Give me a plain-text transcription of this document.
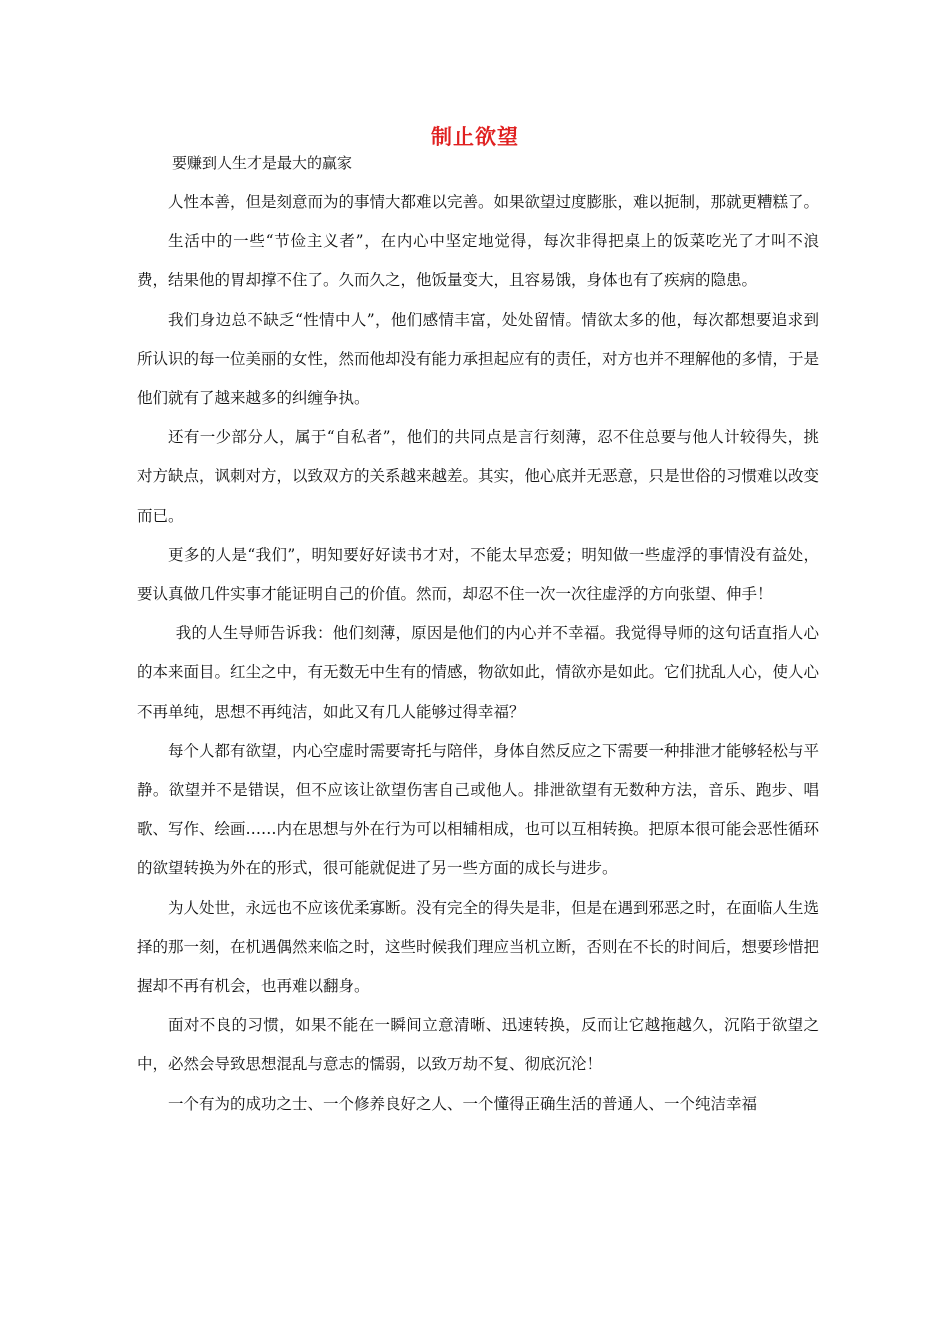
制止欲望
要赚到人生才是最大的赢家

人性本善，但是刻意而为的事情大都难以完善。如果欲望过度膨胀，难以扼制，那就更糟糕了。

生活中的一些“节俭主义者”，在内心中坚定地觉得，每次非得把桌上的饭菜吃光了才叫不浪费，结果他的胃却撑不住了。久而久之，他饭量变大，且容易饿，身体也有了疾病的隐患。

我们身边总不缺乏“性情中人”，他们感情丰富，处处留情。情欲太多的他，每次都想要追求到所认识的每一位美丽的女性，然而他却没有能力承担起应有的责任，对方也并不理解他的多情，于是他们就有了越来越多的纠缠争执。

还有一少部分人，属于“自私者”，他们的共同点是言行刻薄，忍不住总要与他人计较得失，挑对方缺点，讽刺对方，以致双方的关系越来越差。其实，他心底并无恶意，只是世俗的习惯难以改变而已。

更多的人是“我们”，明知要好好读书才对，不能太早恋爱；明知做一些虚浮的事情没有益处，要认真做几件实事才能证明自己的价值。然而，却忍不住一次一次往虚浮的方向张望、伸手！

我的人生导师告诉我：他们刻薄，原因是他们的内心并不幸福。我觉得导师的这句话直指人心的本来面目。红尘之中，有无数无中生有的情感，物欲如此，情欲亦是如此。它们扰乱人心，使人心不再单纯，思想不再纯洁，如此又有几人能够过得幸福？

每个人都有欲望，内心空虚时需要寄托与陪伴，身体自然反应之下需要一种排泄才能够轻松与平静。欲望并不是错误，但不应该让欲望伤害自己或他人。排泄欲望有无数种方法，音乐、跑步、唱歌、写作、绘画……内在思想与外在行为可以相辅相成，也可以互相转换。把原本很可能会恶性循环的欲望转换为外在的形式，很可能就促进了另一些方面的成长与进步。

为人处世，永远也不应该优柔寡断。没有完全的得失是非，但是在遇到邪恶之时，在面临人生选择的那一刻，在机遇偶然来临之时，这些时候我们理应当机立断，否则在不长的时间后，想要珍惜把握却不再有机会，也再难以翻身。

面对不良的习惯，如果不能在一瞬间立意清晰、迅速转换，反而让它越拖越久，沉陷于欲望之中，必然会导致思想混乱与意志的懦弱，以致万劫不复、彻底沉沦！

一个有为的成功之士、一个修养良好之人、一个懂得正确生活的普通人、一个纯洁幸福
